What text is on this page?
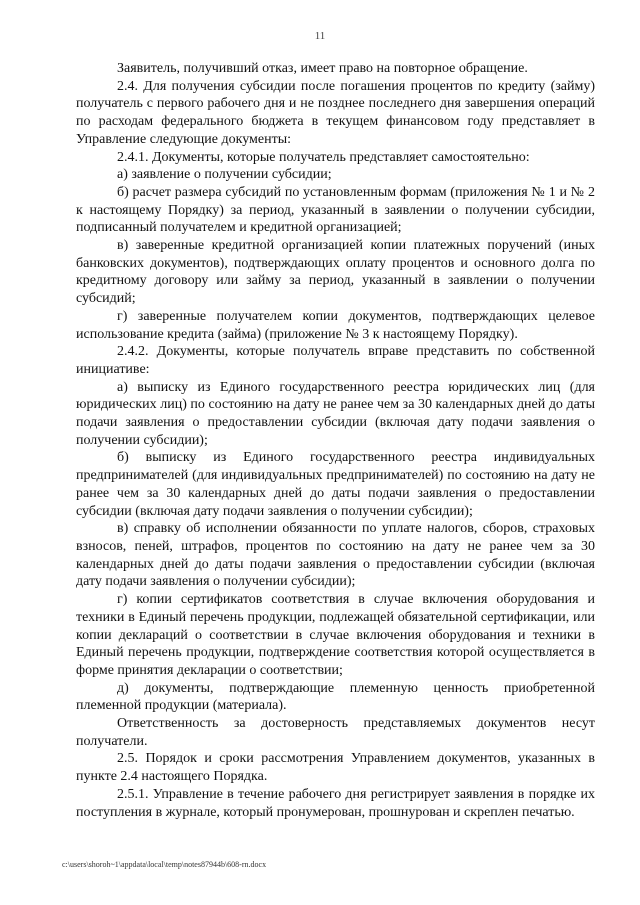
11

Заявитель, получивший отказ, имеет право на повторное обращение.

2.4. Для получения субсидии после погашения процентов по кредиту (займу) получатель с первого рабочего дня и не позднее последнего дня завершения операций по расходам федерального бюджета в текущем финансовом году представляет в Управление следующие документы:

2.4.1. Документы, которые получатель представляет самостоятельно:

а) заявление о получении субсидии;

б) расчет размера субсидий по установленным формам (приложения № 1 и № 2 к настоящему Порядку) за период, указанный в заявлении о получении субсидии, подписанный получателем и кредитной организацией;

в) заверенные кредитной организацией копии платежных поручений (иных банковских документов), подтверждающих оплату процентов и основного долга по кредитному договору или займу за период, указанный в заявлении о получении субсидий;

г) заверенные получателем копии документов, подтверждающих целевое использование кредита (займа) (приложение № 3 к настоящему Порядку).

2.4.2. Документы, которые получатель вправе представить по собственной инициативе:

а) выписку из Единого государственного реестра юридических лиц (для юридических лиц) по состоянию на дату не ранее чем за 30 календарных дней до даты подачи заявления о предоставлении субсидии (включая дату подачи заявления о получении субсидии);

б) выписку из Единого государственного реестра индивидуальных предпринимателей (для индивидуальных предпринимателей) по состоянию на дату не ранее чем за 30 календарных дней до даты подачи заявления о предоставлении субсидии (включая дату подачи заявления о получении субсидии);

в) справку об исполнении обязанности по уплате налогов, сборов, страховых взносов, пеней, штрафов, процентов по состоянию на дату не ранее чем за 30 календарных дней до даты подачи заявления о предоставлении субсидии (включая дату подачи заявления о получении субсидии);

г) копии сертификатов соответствия в случае включения оборудования и техники в Единый перечень продукции, подлежащей обязательной сертификации, или копии деклараций о соответствии в случае включения оборудования и техники в Единый перечень продукции, подтверждение соответствия которой осуществляется в форме принятия декларации о соответствии;

д) документы, подтверждающие племенную ценность приобретенной племенной продукции (материала).

Ответственность за достоверность представляемых документов несут получатели.

2.5. Порядок и сроки рассмотрения Управлением документов, указанных в пункте 2.4 настоящего Порядка.

2.5.1. Управление в течение рабочего дня регистрирует заявления в порядке их поступления в журнале, который пронумерован, прошнурован и скреплен печатью.

c:\users\shoroh~1\appdata\local\temp\notes87944b\608-rn.docx
